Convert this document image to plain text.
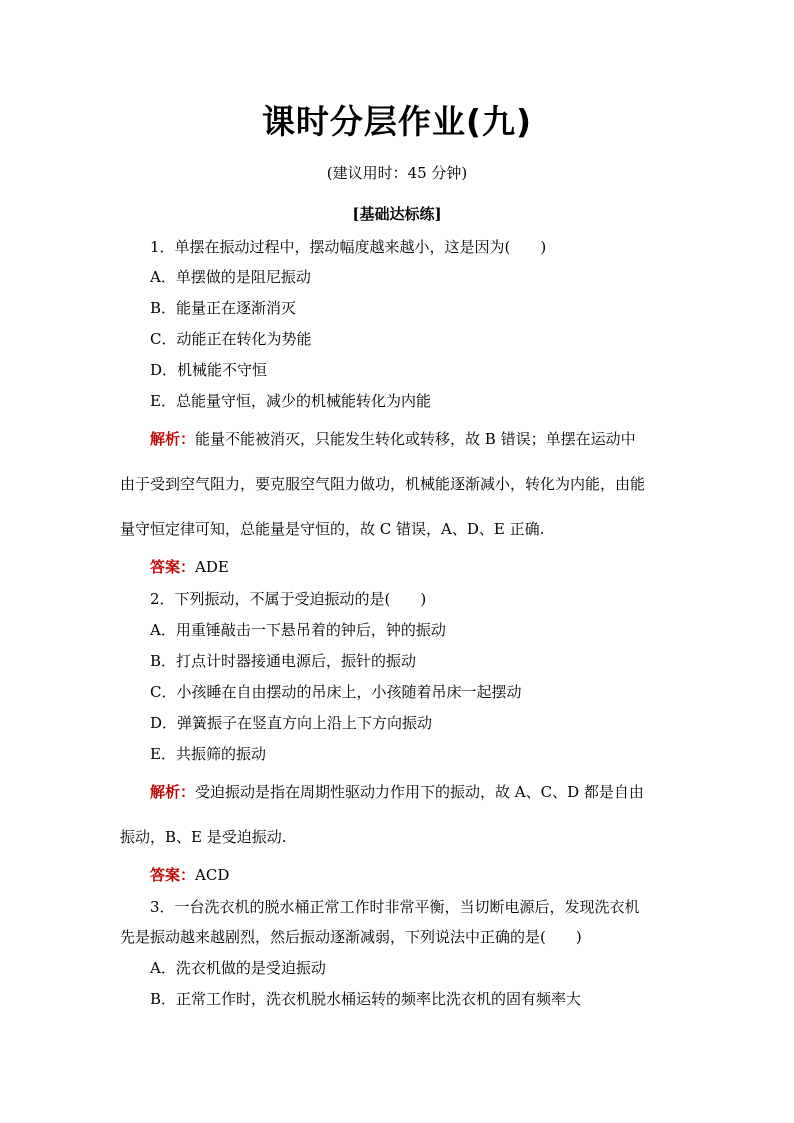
课时分层作业(九)
(建议用时：45 分钟)
[基础达标练]
1．单摆在振动过程中，摆动幅度越来越小，这是因为(　　)
A．单摆做的是阻尼振动
B．能量正在逐渐消灭
C．动能正在转化为势能
D．机械能不守恒
E．总能量守恒，减少的机械能转化为内能
解析：能量不能被消灭，只能发生转化或转移，故 B 错误；单摆在运动中
由于受到空气阻力，要克服空气阻力做功，机械能逐渐减小，转化为内能，由能
量守恒定律可知，总能量是守恒的，故 C 错误，A、D、E 正确.
答案：ADE
2．下列振动，不属于受迫振动的是(　　)
A．用重锤敲击一下悬吊着的钟后，钟的振动
B．打点计时器接通电源后，振针的振动
C．小孩睡在自由摆动的吊床上，小孩随着吊床一起摆动
D．弹簧振子在竖直方向上沿上下方向振动
E．共振筛的振动
解析：受迫振动是指在周期性驱动力作用下的振动，故 A、C、D 都是自由
振动，B、E 是受迫振动.
答案：ACD
3．一台洗衣机的脱水桶正常工作时非常平衡，当切断电源后，发现洗衣机
先是振动越来越剧烈，然后振动逐渐减弱，下列说法中正确的是(　　)
A．洗衣机做的是受迫振动
B．正常工作时，洗衣机脱水桶运转的频率比洗衣机的固有频率大
